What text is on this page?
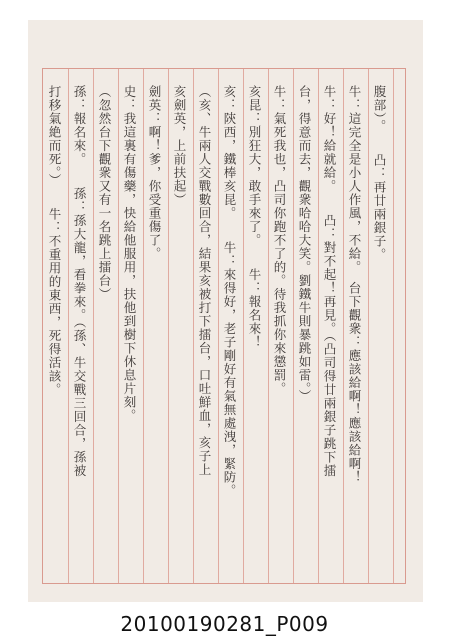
腹部）。　　凸：再廿兩銀子。
牛：這完全是小人作風，不給。　台下觀衆：應該給啊！應該給啊！
牛：好！給就給。　　凸：對不起！再見。（凸司得廿兩銀子跳下擂
台，得意而去，觀衆哈哈大笑。劉鐵牛則暴跳如雷。）
牛：氣死我也，凸司你跑不了的。待我抓你來懲罰。
亥昆：別狂大，敢手來了。　　牛：報名來！
亥：陝西，鐵棒亥昆。　　牛：來得好，老子剛好有氣無處洩，緊防。
（亥、牛兩人交戰數回合，結果亥被打下擂台，口吐鮮血，亥子上
亥劍英，上前扶起）
劍英：啊！爹，你受重傷了。
史：我這裏有傷藥，快給他服用，扶他到樹下休息片刻。
（忽然台下觀衆又有一名跳上擂台）
孫：報名來。　　孫：孫大龍，看拳來。（孫、牛交戰三回合，孫被
打移氣絶而死。）　　牛：不重用的東西，死得活該。
20100190281_P009
